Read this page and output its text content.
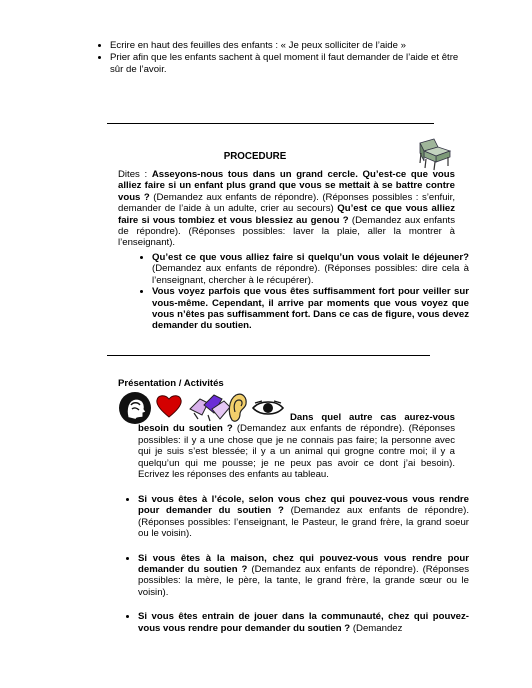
• Ecrire en haut des feuilles des enfants : « Je peux solliciter de l’aide »
• Prier afin que les enfants sachent à quel moment il faut demander de l’aide et être sûr de l’avoir.
PROCEDURE
Dites : Asseyons-nous tous dans un grand cercle. Qu’est-ce que vous alliez faire si un enfant plus grand que vous se mettait à se battre contre vous ? (Demandez aux enfants de répondre). (Réponses possibles : s’enfuir, demander de l’aide à un adulte, crier au secours) Qu’est ce que vous alliez faire si vous tombiez et vous blessiez au genou ? (Demandez aux enfants de répondre). (Réponses possibles: laver la plaie, aller la montrer à l’enseignant).
• Qu’est ce que vous alliez faire si quelqu’un vous volait le déjeuner? (Demandez aux enfants de répondre). (Réponses possibles: dire cela à l’enseignant, chercher à le récupérer).
• Vous voyez parfois que vous êtes suffisamment fort pour veiller sur vous-même. Cependant, il arrive par moments que vous voyez que vous n’êtes pas suffisamment fort. Dans ce cas de figure, vous devez demander du soutien.
Présentation / Activités
Dans quel autre cas aurez-vous besoin du soutien ? (Demandez aux enfants de répondre). (Réponses possibles: il y a une chose que je ne connais pas faire; la personne avec qui je suis s’est blessée; il y a un animal qui grogne contre moi; il y a quelqu’un qui me pousse; je ne peux pas avoir ce dont j’ai besoin). Ecrivez les réponses des enfants au tableau.
• Si vous êtes à l’école, selon vous chez qui pouvez-vous vous rendre pour demander du soutien ? (Demandez aux enfants de répondre). (Réponses possibles: l’enseignant, le Pasteur, le grand frère, la grand soeur ou le voisin).
• Si vous êtes à la maison, chez qui pouvez-vous vous rendre pour demander du soutien ? (Demandez aux enfants de répondre). (Réponses possibles: la mère, le père, la tante, le grand frère, la grande sœur ou le voisin).
• Si vous êtes entrain de jouer dans la communauté, chez qui pouvez-vous vous rendre pour demander du soutien ? (Demandez
